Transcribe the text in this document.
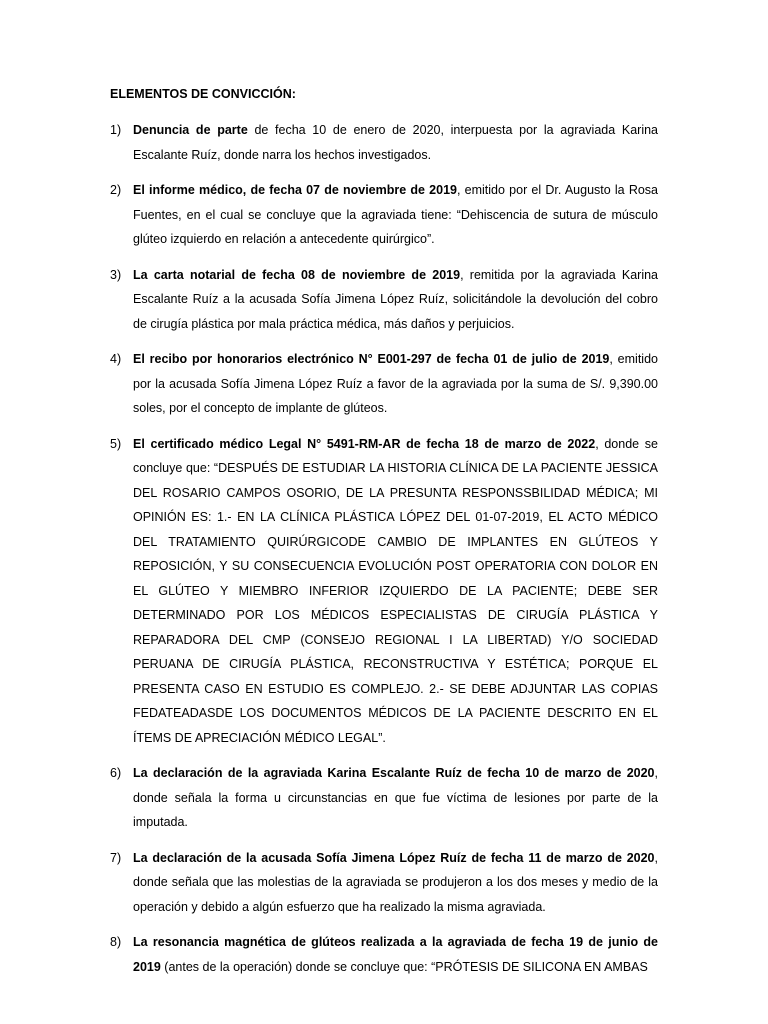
ELEMENTOS DE CONVICCIÓN:

1) Denuncia de parte de fecha 10 de enero de 2020, interpuesta por la agraviada Karina Escalante Ruíz, donde narra los hechos investigados.
2) El informe médico, de fecha 07 de noviembre de 2019, emitido por el Dr. Augusto la Rosa Fuentes, en el cual se concluye que la agraviada tiene: “Dehiscencia de sutura de músculo glúteo izquierdo en relación a antecedente quirúrgico”.
3) La carta notarial de fecha 08 de noviembre de 2019, remitida por la agraviada Karina Escalante Ruíz a la acusada Sofía Jimena López Ruíz, solicitándole la devolución del cobro de cirugía plástica por mala práctica médica, más daños y perjuicios.
4) El recibo por honorarios electrónico N° E001-297 de fecha 01 de julio de 2019, emitido por la acusada Sofía Jimena López Ruíz a favor de la agraviada por la suma de S/. 9,390.00 soles, por el concepto de implante de glúteos.
5) El certificado médico Legal N° 5491-RM-AR de fecha 18 de marzo de 2022, donde se concluye que: “DESPUÉS DE ESTUDIAR LA HISTORIA CLÍNICA DE LA PACIENTE JESSICA DEL ROSARIO CAMPOS OSORIO, DE LA PRESUNTA RESPONSSBILIDAD MÉDICA; MI OPINIÓN ES: 1.- EN LA CLÍNICA PLÁSTICA LÓPEZ DEL 01-07-2019, EL ACTO MÉDICO DEL TRATAMIENTO QUIRÚRGICODE CAMBIO DE IMPLANTES EN GLÚTEOS Y REPOSICIÓN, Y SU CONSECUENCIA EVOLUCIÓN POST OPERATORIA CON DOLOR EN EL GLÚTEO Y MIEMBRO INFERIOR IZQUIERDO DE LA PACIENTE; DEBE SER DETERMINADO POR LOS MÉDICOS ESPECIALISTAS DE CIRUGÍA PLÁSTICA Y REPARADORA DEL CMP (CONSEJO REGIONAL I LA LIBERTAD) Y/O SOCIEDAD PERUANA DE CIRUGÍA PLÁSTICA, RECONSTRUCTIVA Y ESTÉTICA; PORQUE EL PRESENTA CASO EN ESTUDIO ES COMPLEJO. 2.- SE DEBE ADJUNTAR LAS COPIAS FEDATEADASDE LOS DOCUMENTOS MÉDICOS DE LA PACIENTE DESCRITO EN EL ÍTEMS DE APRECIACIÓN MÉDICO LEGAL”.
6) La declaración de la agraviada Karina Escalante Ruíz de fecha 10 de marzo de 2020, donde señala la forma u circunstancias en que fue víctima de lesiones por parte de la imputada.
7) La declaración de la acusada Sofía Jimena López Ruíz de fecha 11 de marzo de 2020, donde señala que las molestias de la agraviada se produjeron a los dos meses y medio de la operación y debido a algún esfuerzo que ha realizado la misma agraviada.
8) La resonancia magnética de glúteos realizada a la agraviada de fecha 19 de junio de 2019 (antes de la operación) donde se concluye que: “PRÓTESIS DE SILICONA EN AMBAS
